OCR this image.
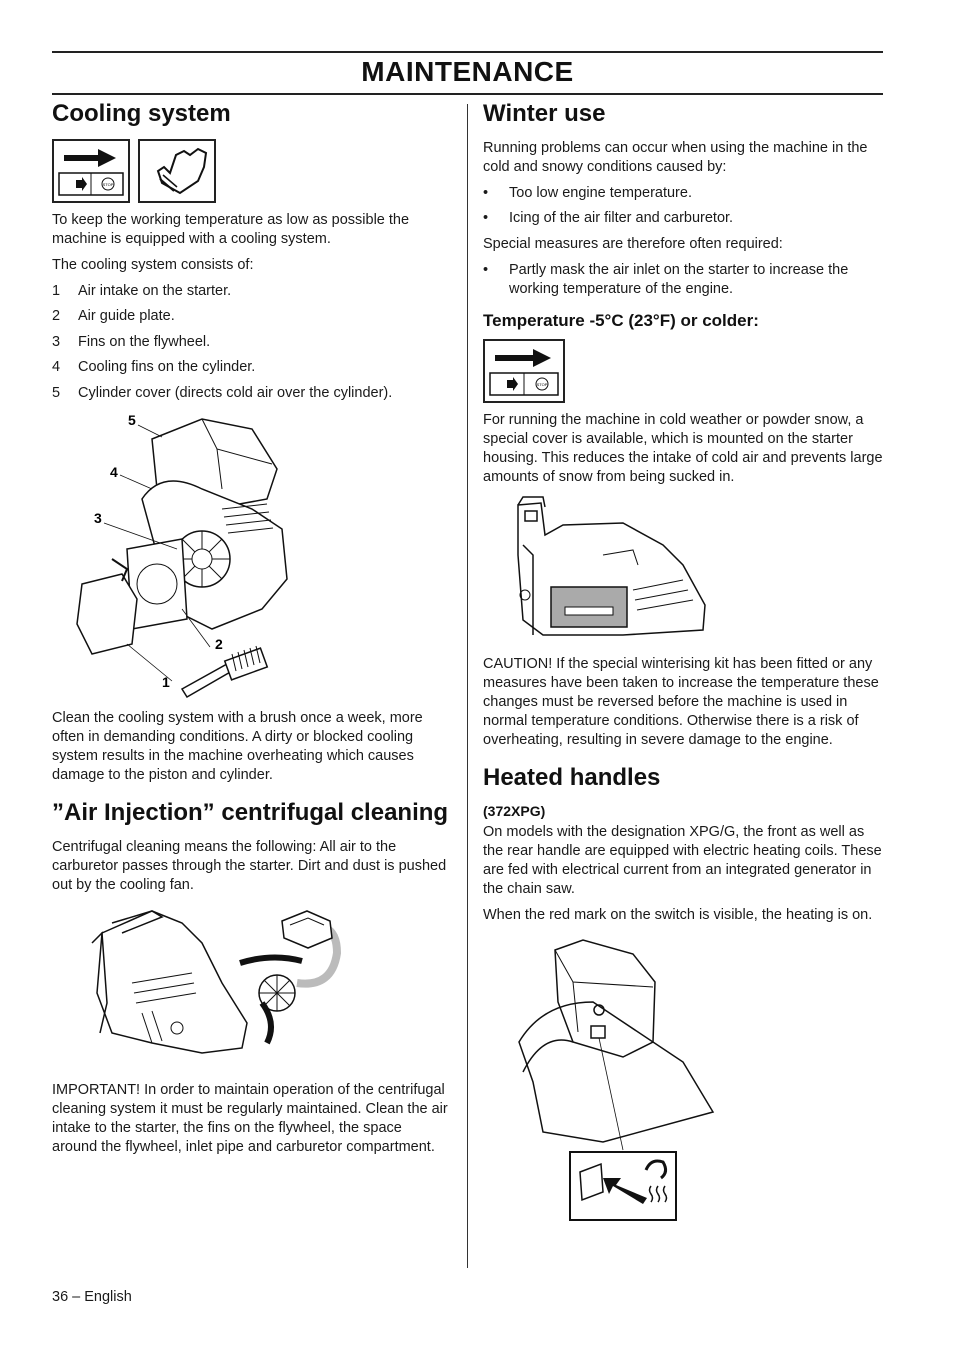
MAINTENANCE
Cooling system
STOP

To keep the working temperature as low as possible the machine is equipped with a cooling system.

The cooling system consists of:

1	Air intake on the starter.
2	Air guide plate.
3	Fins on the flywheel.
4	Cooling fins on the cylinder.
5	Cylinder cover (directs cold air over the cylinder).
5
4
3
2
1

Clean the cooling system with a brush once a week, more often in demanding conditions. A dirty or blocked cooling system results in the machine overheating which causes damage to the piston and cylinder.

”Air Injection” centrifugal cleaning

Centrifugal cleaning means the following: All air to the carburetor passes through the starter. Dirt and dust is pushed out by the cooling fan.

IMPORTANT! In order to maintain operation of the centrifugal cleaning system it must be regularly maintained. Clean the air intake to the starter, the fins on the flywheel, the space around the flywheel, inlet pipe and carburetor compartment.

Winter use

Running problems can occur when using the machine in the cold and snowy conditions caused by:

•	Too low engine temperature.
•	Icing of the air filter and carburetor.

Special measures are therefore often required:

•	Partly mask the air inlet on the starter to increase the working temperature of the engine.
Temperature -5°C (23°F) or colder:
STOP

For running the machine in cold weather or powder snow, a special cover is available, which is mounted on the starter housing. This reduces the intake of cold air and prevents large amounts of snow from being sucked in.

CAUTION! If the special winterising kit has been fitted or any measures have been taken to increase the temperature these changes must be reversed before the machine is used in normal temperature conditions. Otherwise there is a risk of overheating, resulting in severe damage to the engine.

Heated handles
(372XPG)

On models with the designation XPG/G, the front as well as the rear handle are equipped with electric heating coils. These are fed with electrical current from an integrated generator in the chain saw.

When the red mark on the switch is visible, the heating is on.

36 – English
